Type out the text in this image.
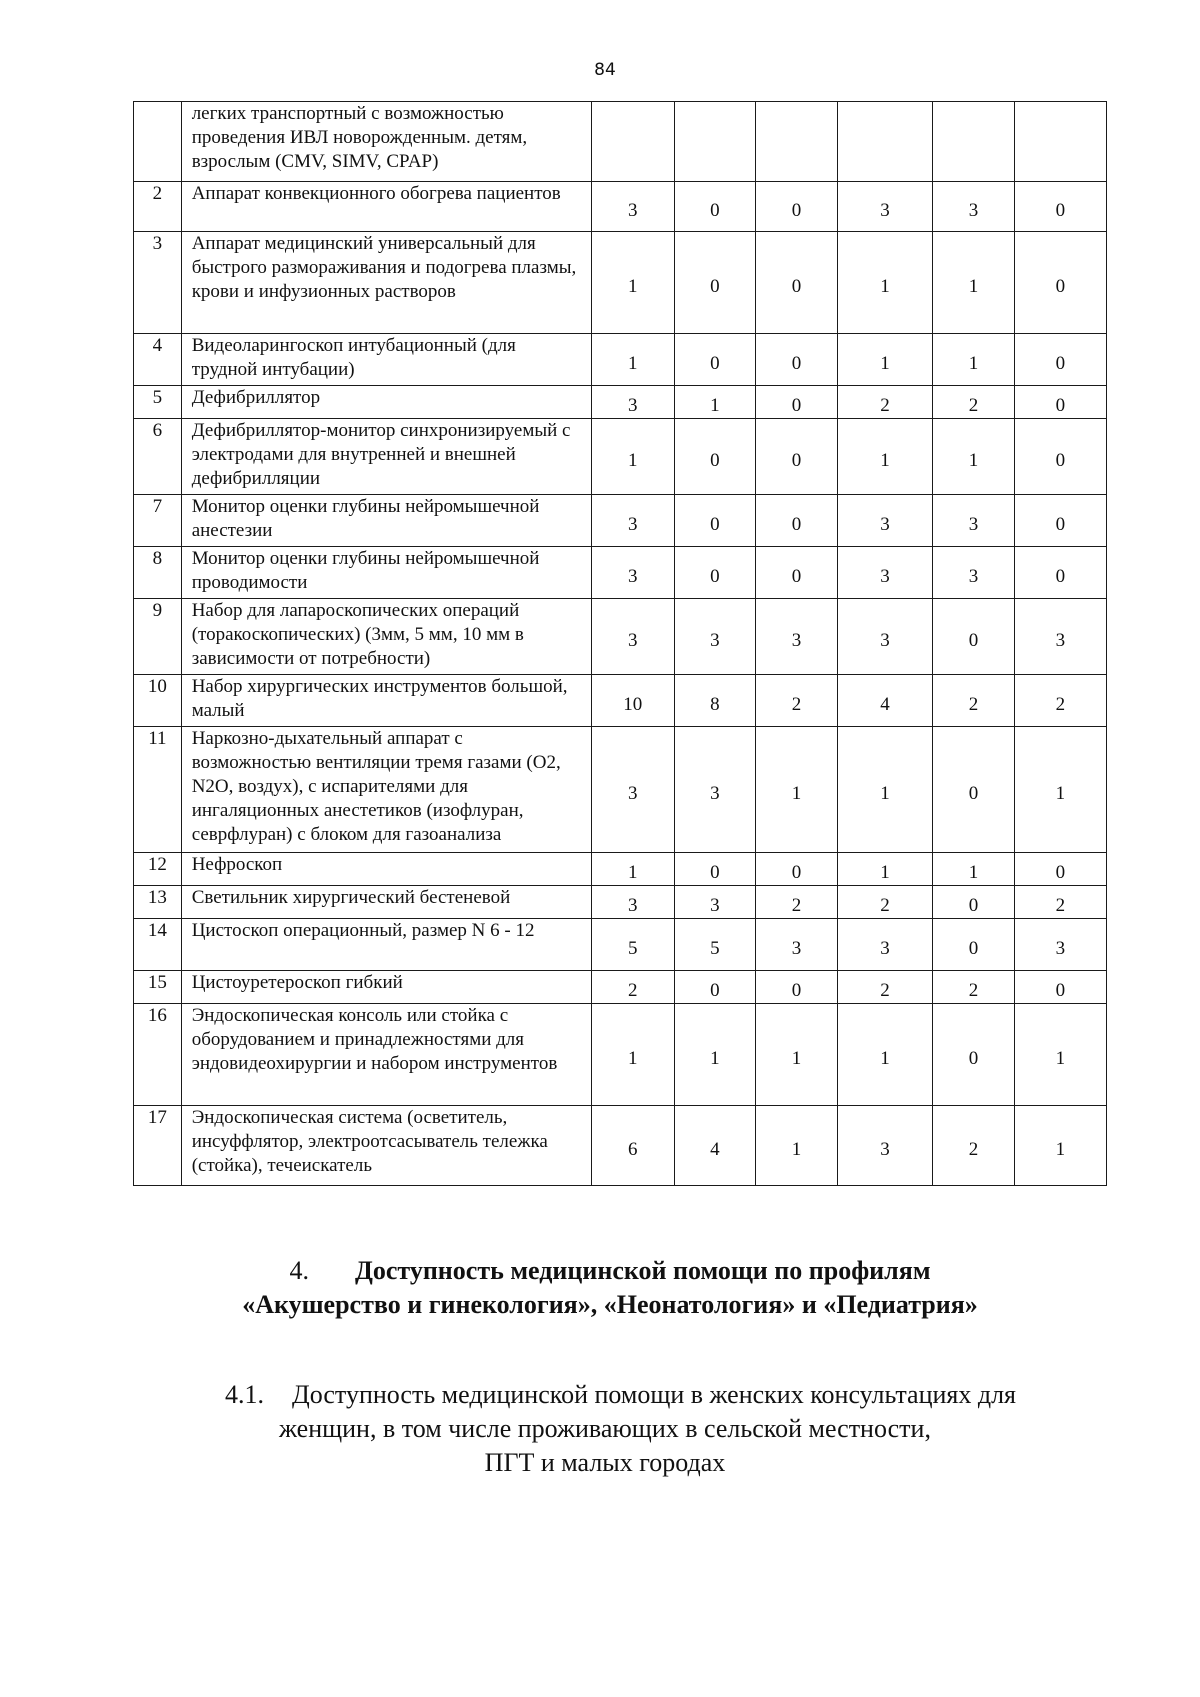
84
	легких транспортный с возможностью проведения ИВЛ новорожденным. детям, взрослым (CMV, SIMV, CPAP)						
2	Аппарат конвекционного обогрева пациентов	3	0	0	3	3	0
3	Аппарат медицинский универсальный для быстрого размораживания и подогрева плазмы, крови и инфузионных растворов	1	0	0	1	1	0
4	Видеоларингоскоп интубационный (для трудной интубации)	1	0	0	1	1	0
5	Дефибриллятор	3	1	0	2	2	0
6	Дефибриллятор-монитор синхронизируемый с электродами для внутренней и внешней дефибрилляции	1	0	0	1	1	0
7	Монитор оценки глубины нейромышечной анестезии	3	0	0	3	3	0
8	Монитор оценки глубины нейромышечной проводимости	3	0	0	3	3	0
9	Набор для лапароскопических операций (торакоскопических) (3мм, 5 мм, 10 мм в зависимости от потребности)	3	3	3	3	0	3
10	Набор хирургических инструментов большой, малый	10	8	2	4	2	2
11	Наркозно-дыхательный аппарат с возможностью вентиляции тремя газами (O2, N2O, воздух), с испарителями для ингаляционных анестетиков (изофлуран, севрфлуран) с блоком для газоанализа	3	3	1	1	0	1
12	Нефроскоп	1	0	0	1	1	0
13	Светильник хирургический бестеневой	3	3	2	2	0	2
14	Цистоскоп операционный, размер N 6 - 12	5	5	3	3	0	3
15	Цистоуретероскоп гибкий	2	0	0	2	2	0
16	Эндоскопическая консоль или стойка с оборудованием и принадлежностями для эндовидеохирургии и набором инструментов	1	1	1	1	0	1
17	Эндоскопическая система (осветитель, инсуффлятор, электроотсасыватель тележка (стойка), течеискатель	6	4	1	3	2	1
4. Доступность медицинской помощи по профилям
«Акушерство и гинекология», «Неонатология» и «Педиатрия»
4.1. Доступность медицинской помощи в женских консультациях для
женщин, в том числе проживающих в сельской местности,
ПГТ и малых городах
